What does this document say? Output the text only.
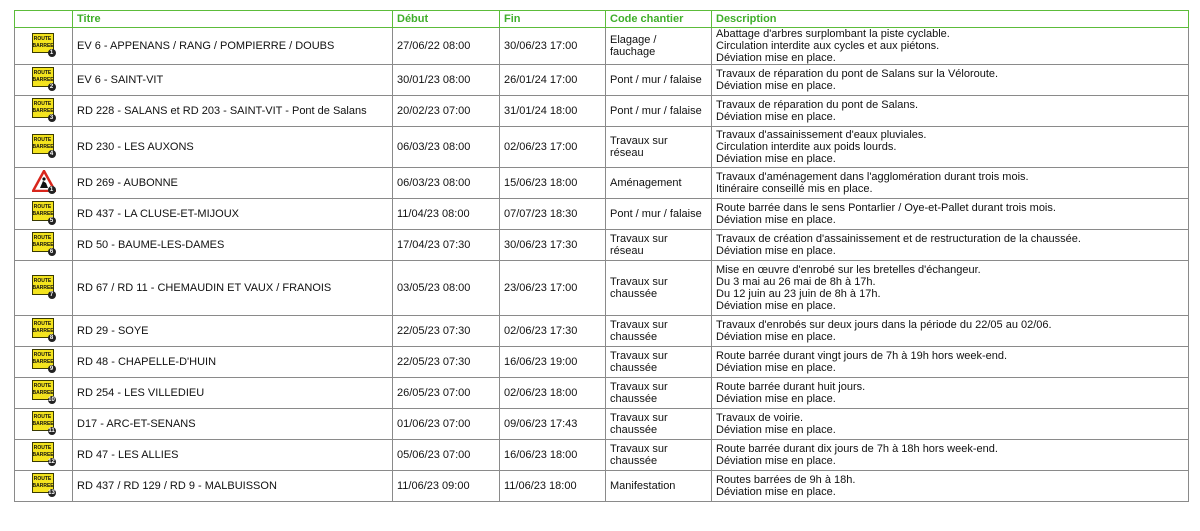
	Titre	Début	Fin	Code chantier	Description

ROUTE BARREE
1	EV 6 - APPENANS / RANG / POMPIERRE / DOUBS	27/06/22 08:00	30/06/23 17:00	Elagage /
fauchage	Abattage d'arbres surplombant la piste cyclable.
Circulation interdite aux cycles et aux piétons.
Déviation mise en place.

ROUTE BARREE
2	EV 6 - SAINT-VIT	30/01/23 08:00	26/01/24 17:00	Pont / mur / falaise	Travaux de réparation du pont de Salans sur la Véloroute.
Déviation mise en place.

ROUTE BARREE
3	RD 228 - SALANS et RD 203 - SAINT-VIT - Pont de Salans	20/02/23 07:00	31/01/24 18:00	Pont / mur / falaise	Travaux de réparation du pont de Salans.
Déviation mise en place.

ROUTE BARREE
4	RD 230 - LES AUXONS	06/03/23 08:00	02/06/23 17:00	Travaux sur
réseau	Travaux d'assainissement d'eaux pluviales.
Circulation interdite aux poids lourds.
Déviation mise en place.

1	RD 269 - AUBONNE	06/03/23 08:00	15/06/23 18:00	Aménagement	Travaux d'aménagement dans l'agglomération durant trois mois.
Itinéraire conseillé mis en place.

ROUTE BARREE
5	RD 437 - LA CLUSE-ET-MIJOUX	11/04/23 08:00	07/07/23 18:30	Pont / mur / falaise	Route barrée dans le sens Pontarlier / Oye-et-Pallet durant trois mois.
Déviation mise en place.

ROUTE BARREE
6	RD 50 - BAUME-LES-DAMES	17/04/23 07:30	30/06/23 17:30	Travaux sur
réseau	Travaux de création d'assainissement et de restructuration de la chaussée.
Déviation mise en place.

ROUTE BARREE
7	RD 67 / RD 11 - CHEMAUDIN ET VAUX / FRANOIS	03/05/23 08:00	23/06/23 17:00	Travaux sur
chaussée	Mise en œuvre d'enrobé sur les bretelles d'échangeur.
Du 3 mai au 26 mai de 8h à 17h.
Du 12 juin au 23 juin de 8h à 17h.
Déviation mise en place.

ROUTE BARREE
8	RD 29 - SOYE	22/05/23 07:30	02/06/23 17:30	Travaux sur
chaussée	Travaux d'enrobés sur deux jours dans la période du 22/05 au 02/06.
Déviation mise en place.

ROUTE BARREE
9	RD 48 - CHAPELLE-D'HUIN	22/05/23 07:30	16/06/23 19:00	Travaux sur
chaussée	Route barrée durant vingt jours de 7h à 19h hors week-end.
Déviation mise en place.

ROUTE BARREE
10	RD 254 - LES VILLEDIEU	26/05/23 07:00	02/06/23 18:00	Travaux sur
chaussée	Route barrée durant huit jours.
Déviation mise en place.

ROUTE BARREE
11	D17 - ARC-ET-SENANS	01/06/23 07:00	09/06/23 17:43	Travaux sur
chaussée	Travaux de voirie.
Déviation mise en place.

ROUTE BARREE
12	RD 47 - LES ALLIES	05/06/23 07:00	16/06/23 18:00	Travaux sur
chaussée	Route barrée durant dix jours de 7h à 18h hors week-end.
Déviation mise en place.

ROUTE BARREE
13	RD 437 / RD 129 / RD 9 - MALBUISSON	11/06/23 09:00	11/06/23 18:00	Manifestation	Routes barrées de 9h à 18h.
Déviation mise en place.
